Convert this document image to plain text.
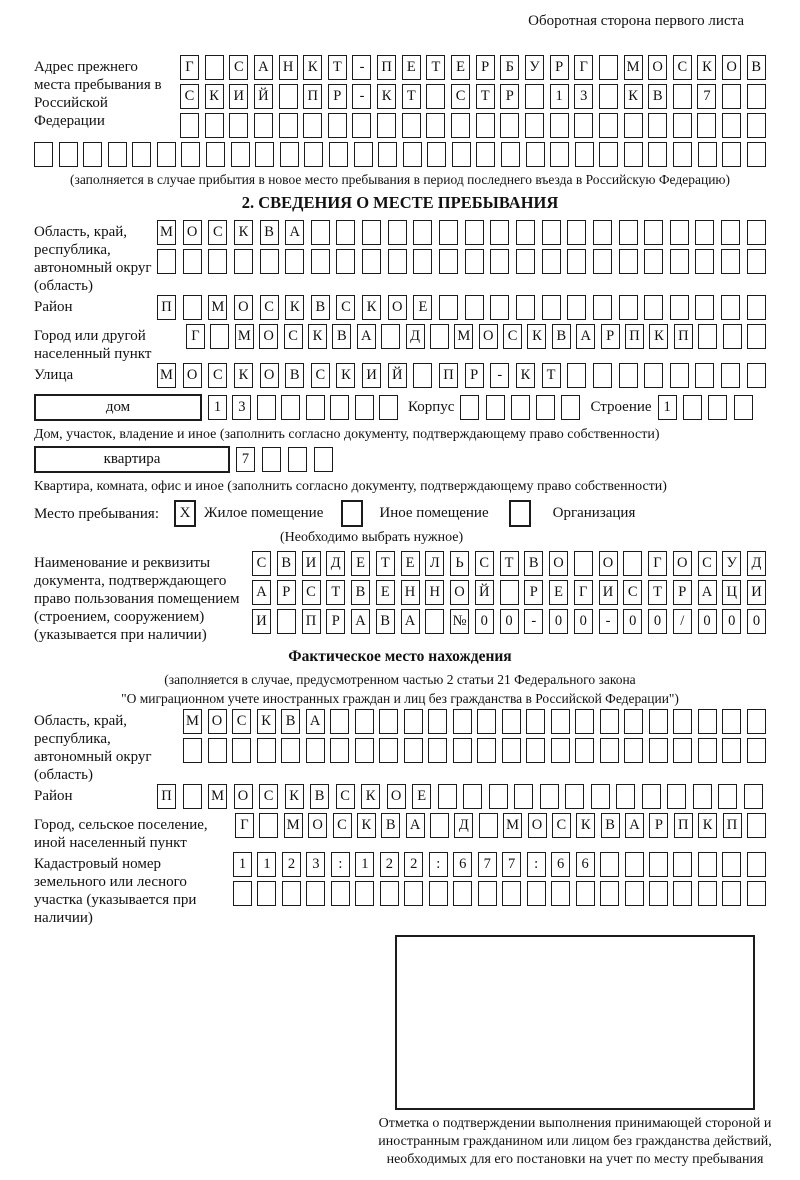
Оборотная сторона первого листа
Адрес прежнего места пребывания в Российской Федерации
Г	С	А Н	К	Т	-	П	Е	Т	Е	Р	Б	У	Р	Г	М О	С	К	О	В
С	К	И Й	П	Р	-	К	Т	С	Т	Р	1	3	К	В	7
(заполняется в случае прибытия в новое место пребывания в период последнего въезда в Российскую Федерацию)
2. СВЕДЕНИЯ О МЕСТЕ ПРЕБЫВАНИЯ
Область, край, республика, автономный округ (область)
М О	С	К	В	А
Район	П	М О	С	К	В	С	К	О	Е
Город или другой населенный пункт
Г	М О С	К	В А	Д	М О С	К	В А	Р	П К П
Улица	М О	С	К	О	В	С	К	И Й	П	Р	-	К	Т
дом	1	3	Корпус	Строение 1
Дом, участок, владение и иное (заполнить согласно документу, подтверждающему право собственности)
квартира	7
Квартира, комната, офис и иное (заполнить согласно документу, подтверждающему право собственности)
Место пребывания:	X Жилое помещение	Иное помещение	Организация
(Необходимо выбрать нужное)
Наименование и реквизиты документа, подтверждающего право пользования помещением (строением, сооружением) (указывается при наличии)
С	В	И	Д	Е	Т	Е	Л	Ь	С	Т	В	О	О	Г	О	С	У	Д
А	Р	С	Т	В	Е	Н Н О Й	Р	Е	Г	И	С	Т	Р	А Ц И
И	П	Р	А	В	А	№ 0	0	-	0	0	-	0	0	/	0	0	0
Фактическое место нахождения
(заполняется в случае, предусмотренном частью 2 статьи 21 Федерального закона
"О миграционном учете иностранных граждан и лиц без гражданства в Российской Федерации")
Область, край, республика, автономный округ (область)
М О С	К	В А
Район	П	М О	С	К	В	С	К	О	Е
Город, сельское поселение, иной населенный пункт
Г	М О С	К	В А	Д	М О С	К	В А	Р	П К П
Кадастровый номер земельного или лесного участка (указывается при наличии)
1	1	2	3	:	1	2	2	:	6	7	7	:	6	6
Отметка о подтверждении выполнения принимающей стороной и иностранным гражданином или лицом без гражданства действий, необходимых для его постановки на учет по месту пребывания
